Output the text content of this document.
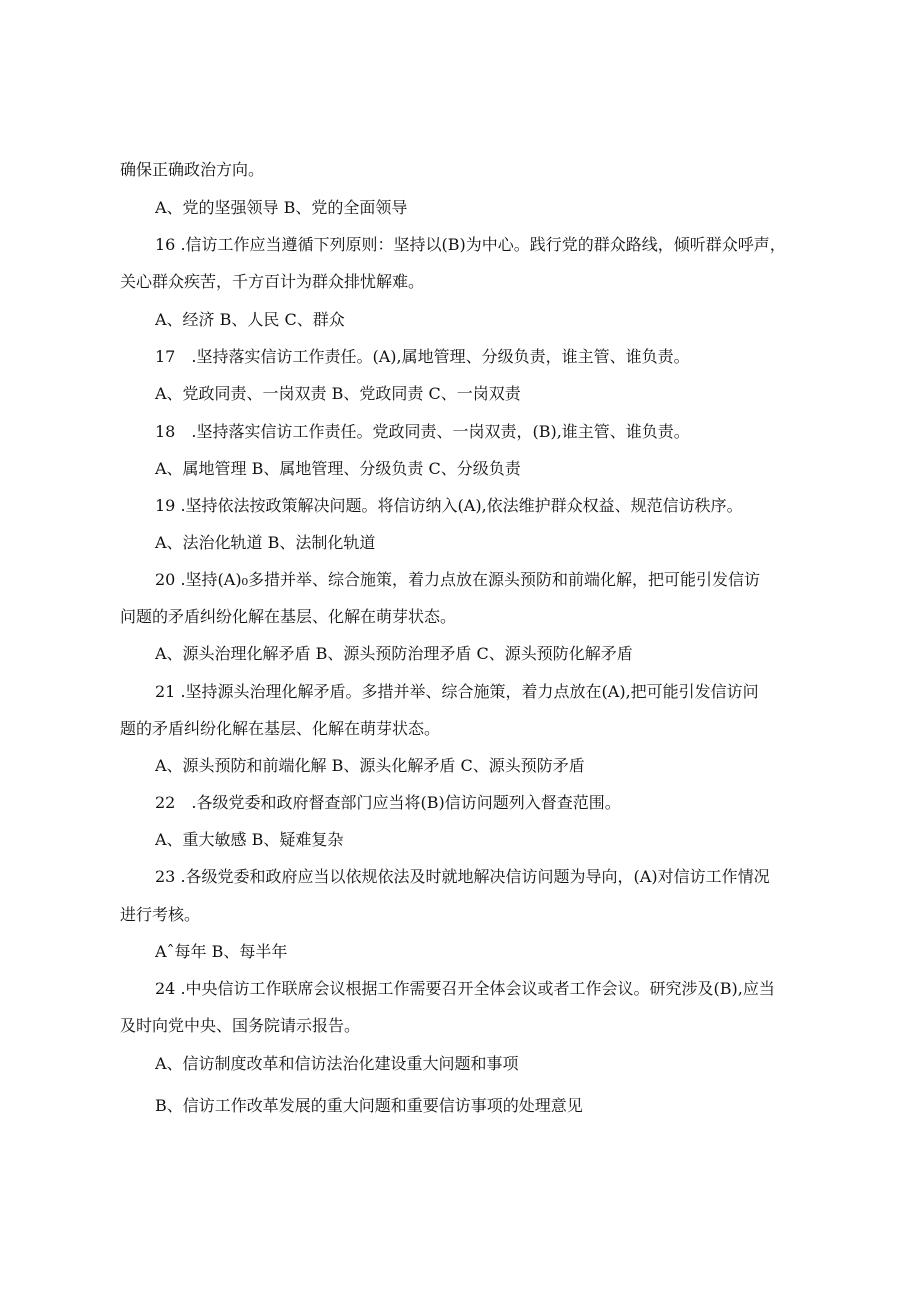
确保正确政治方向。
A、党的坚强领导 B、党的全面领导
16 .信访工作应当遵循下列原则：坚持以(B)为中心。践行党的群众路线，倾听群众呼声，
关心群众疾苦，千方百计为群众排忧解难。
A、经济 B、人民 C、群众
17　.坚持落实信访工作责任。(A),属地管理、分级负责，谁主管、谁负责。
A、党政同责、一岗双责 B、党政同责 C、一岗双责
18　.坚持落实信访工作责任。党政同责、一岗双责，(B),谁主管、谁负责。
A、属地管理 B、属地管理、分级负责 C、分级负责
19 .坚持依法按政策解决问题。将信访纳入(A),依法维护群众权益、规范信访秩序。
A、法治化轨道 B、法制化轨道
20 .坚持(A)₀多措并举、综合施策，着力点放在源头预防和前端化解，把可能引发信访
问题的矛盾纠纷化解在基层、化解在萌芽状态。
A、源头治理化解矛盾 B、源头预防治理矛盾 C、源头预防化解矛盾
21 .坚持源头治理化解矛盾。多措并举、综合施策，着力点放在(A),把可能引发信访问
题的矛盾纠纷化解在基层、化解在萌芽状态。
A、源头预防和前端化解 B、源头化解矛盾 C、源头预防矛盾
22　.各级党委和政府督查部门应当将(B)信访问题列入督查范围。
A、重大敏感 B、疑难复杂
23 .各级党委和政府应当以依规依法及时就地解决信访问题为导向，(A)对信访工作情况
进行考核。
Aˆ每年 B、每半年
24 .中央信访工作联席会议根据工作需要召开全体会议或者工作会议。研究涉及(B),应当
及时向党中央、国务院请示报告。
A、信访制度改革和信访法治化建设重大问题和事项
B、信访工作改革发展的重大问题和重要信访事项的处理意见
